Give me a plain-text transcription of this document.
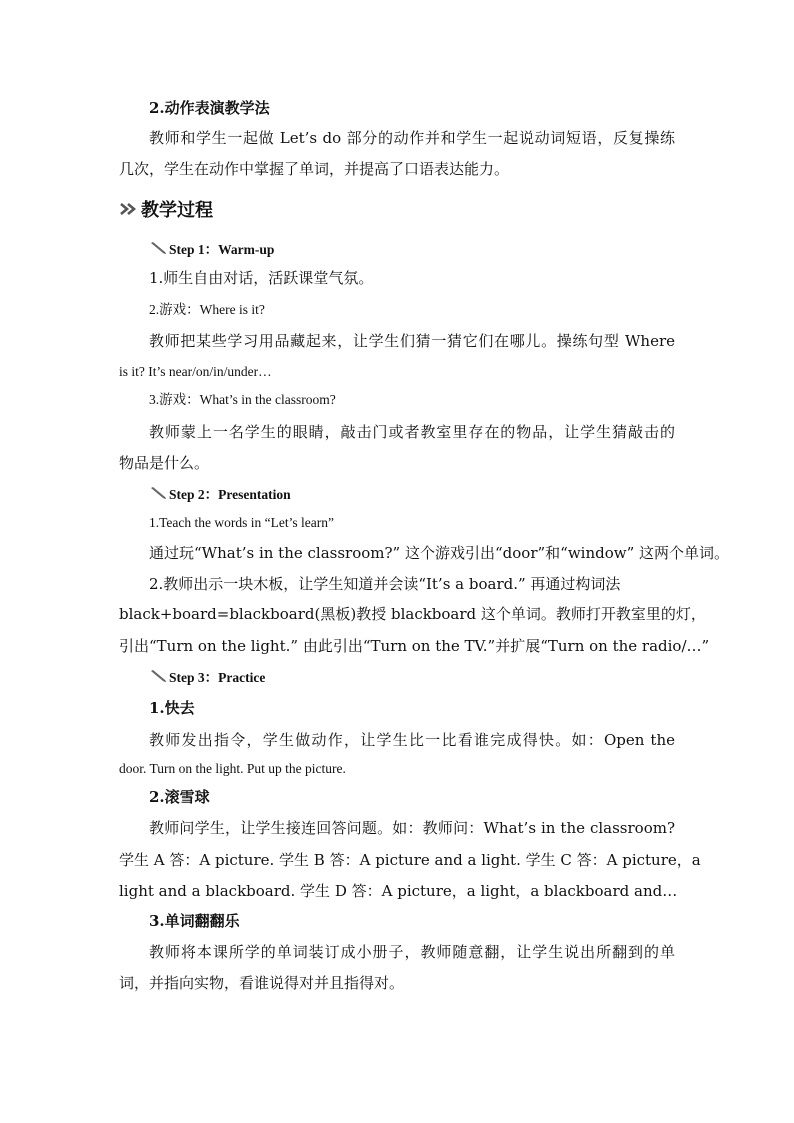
2.动作表演教学法
教师和学生一起做 Let’s do 部分的动作并和学生一起说动词短语，反复操练
几次，学生在动作中掌握了单词，并提高了口语表达能力。
教学过程
Step 1：Warm-up
1.师生自由对话，活跃课堂气氛。
2.游戏：Where is it?
教师把某些学习用品藏起来，让学生们猜一猜它们在哪儿。操练句型 Where
is it? It’s near/on/in/under…
3.游戏：What’s in the classroom?
教师蒙上一名学生的眼睛，敲击门或者教室里存在的物品，让学生猜敲击的
物品是什么。
Step 2：Presentation
1.Teach the words in “Let’s learn”
通过玩“What’s in the classroom?” 这个游戏引出“door”和“window” 这两个单词。
2.教师出示一块木板，让学生知道并会读“It’s a board.” 再通过构词法
black+board=blackboard(黑板)教授 blackboard 这个单词。教师打开教室里的灯，
引出“Turn on the light.” 由此引出“Turn on the TV.”并扩展“Turn on the radio/…”
Step 3：Practice
1.快去
教师发出指令，学生做动作，让学生比一比看谁完成得快。如：Open the
door. Turn on the light. Put up the picture.
2.滚雪球
教师问学生，让学生接连回答问题。如：教师问：What’s in the classroom?
学生 A 答：A picture. 学生 B 答：A picture and a light. 学生 C 答：A picture，a
light and a blackboard. 学生 D 答：A picture，a light，a blackboard and…
3.单词翻翻乐
教师将本课所学的单词装订成小册子，教师随意翻，让学生说出所翻到的单
词，并指向实物，看谁说得对并且指得对。
